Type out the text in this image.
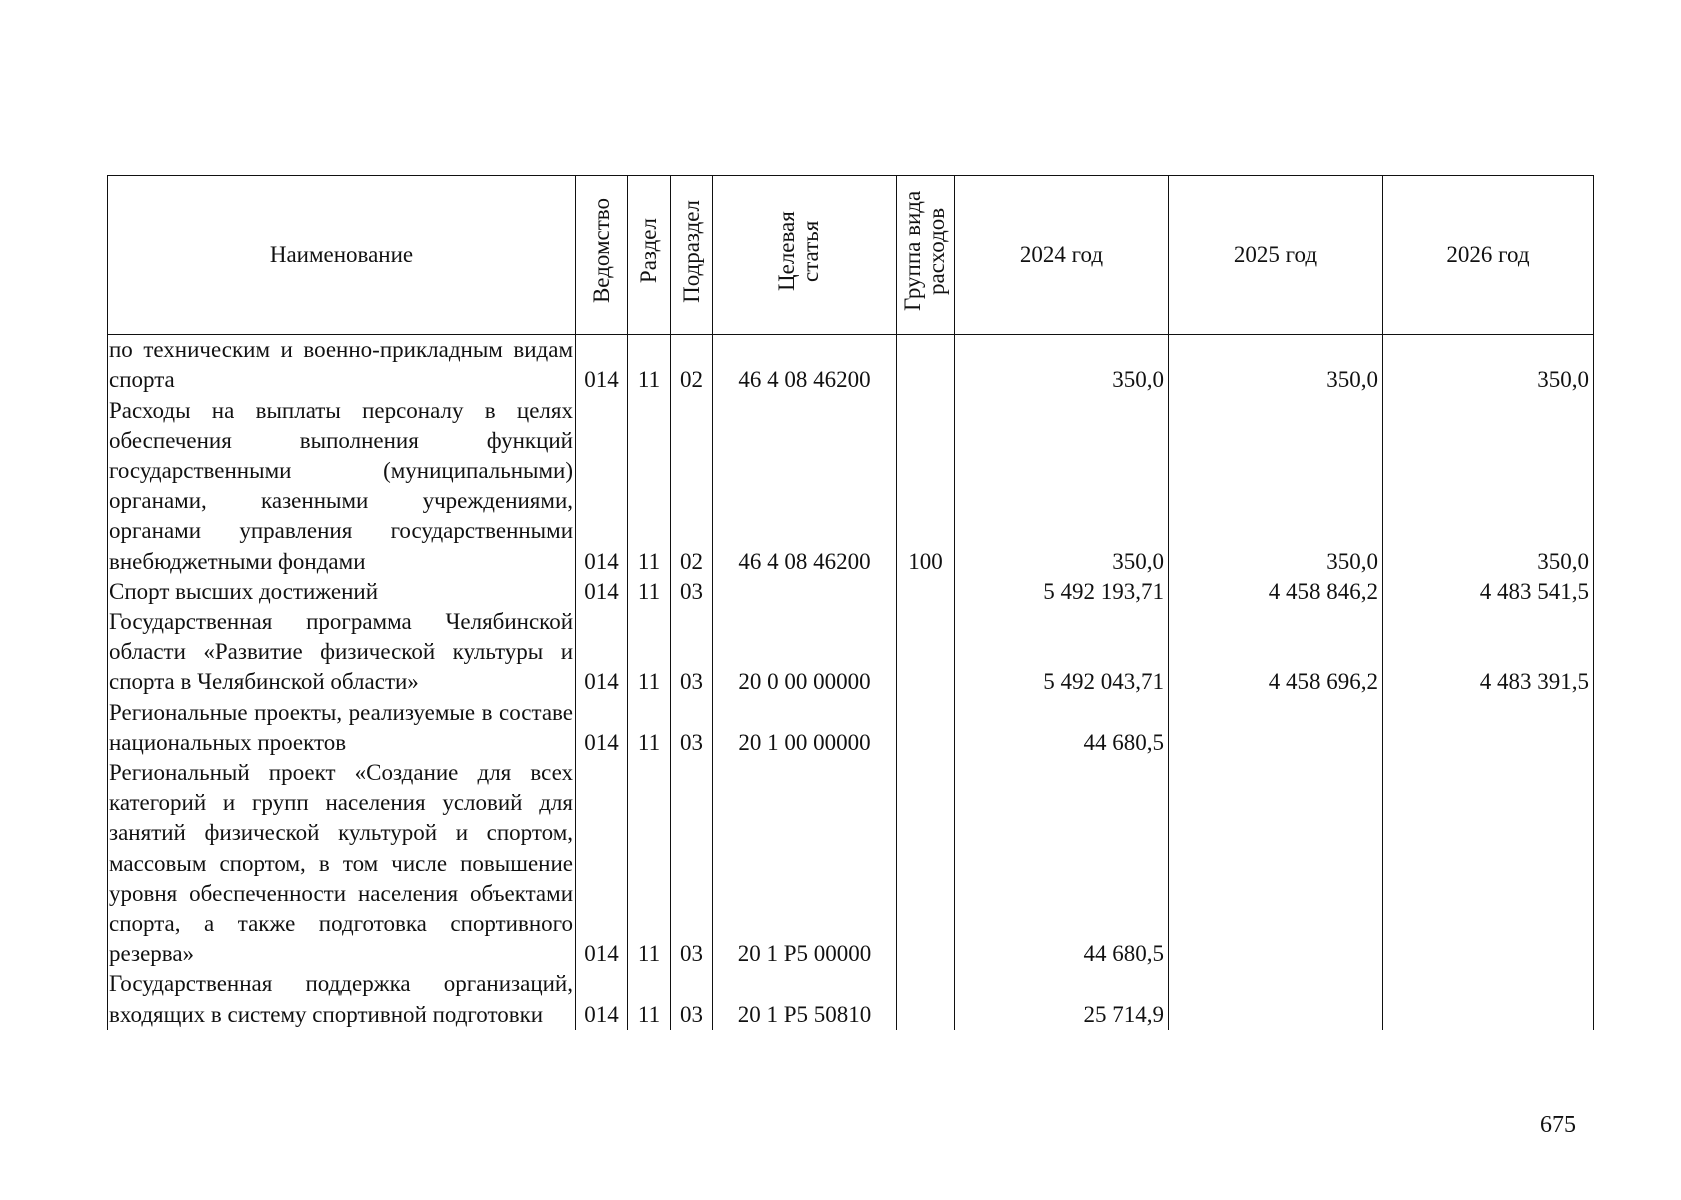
Наименование	Ведомство	Раздел	Подраздел	Целевая статья	Группа вида расходов	2024 год	2025 год	2026 год
по техническим и военно-прикладным видам спорта	014	11	02	46 4 08 46200		350,0	350,0	350,0
Расходы на выплаты персоналу в целях обеспечения выполнения функций государственными (муниципальными) органами, казенными учреждениями, органами управления государственными внебюджетными фондами	014	11	02	46 4 08 46200	100	350,0	350,0	350,0
Спорт высших достижений	014	11	03			5 492 193,71	4 458 846,2	4 483 541,5
Государственная программа Челябинской области «Развитие физической культуры и спорта в Челябинской области»	014	11	03	20 0 00 00000		5 492 043,71	4 458 696,2	4 483 391,5
Региональные проекты, реализуемые в составе национальных проектов	014	11	03	20 1 00 00000		44 680,5		
Региональный проект «Создание для всех категорий и групп населения условий для занятий физической культурой и спортом, массовым спортом, в том числе повышение уровня обеспеченности населения объектами спорта, а также подготовка спортивного резерва»	014	11	03	20 1 P5 00000		44 680,5		
Государственная поддержка организаций, входящих в систему спортивной подготовки	014	11	03	20 1 P5 50810		25 714,9		
675
